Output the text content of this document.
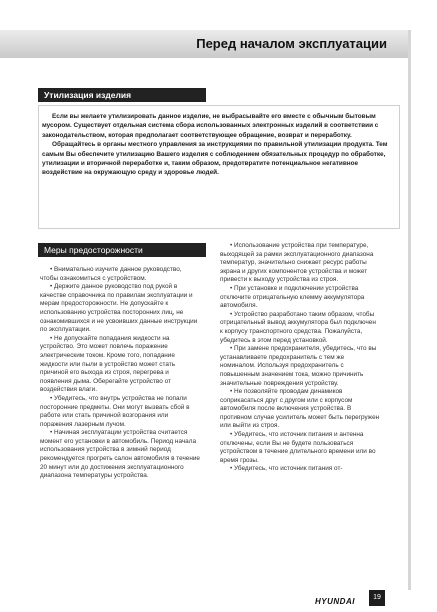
Перед началом эксплуатации
Утилизация изделия

Если вы желаете утилизировать данное изделие, не выбрасывайте его вместе с обычным бытовым мусором. Существует отдельная система сбора использованных электронных изделий в соответствии с законодательством, которая предполагает соответствующее обращение, возврат и переработку.

Обращайтесь в органы местного управления за инструкциями по правильной утилизации продукта. Тем самым Вы обеспечите утилизацию Вашего изделия с соблюдением обязательных процедур по обработке, утилизации и вторичной переработке и, таким образом, предотвратите потенциальное негативное воздействие на окружающую среду и здоровье людей.

Меры предосторожности

• Внимательно изучите данное руководство, чтобы ознакомиться с устройством.

• Держите данное руководство под рукой в качестве справочника по правилам эксплуатации и мерам предосторожности. Не допускайте к использованию устройства посторонних лиц, не ознакомившихся и не усвоивших данные инструкции по эксплуатации.

• Не допускайте попадания жидкости на устройство. Это может повлечь поражение электрическим током. Кроме того, попадание жидкости или пыли в устройство может стать причиной его выхода из строя, перегрева и появления дыма. Оберегайте устройство от воздействия влаги.

• Убедитесь, что внутрь устройства не попали посторонние предметы. Они могут вызвать сбой в работе или стать причиной возгорания или поражения лазерным лучом.

• Начиная эксплуатации устройства считается момент его установки в автомобиль. Период начала использования устройства в зимний период рекомендуется прогреть салон автомобиля в течение 20 минут или до достижения эксплуатационного диапазона температуры устройства.

• Использование устройства при температуре, выходящей за рамки эксплуатационного диапазона температур, значительно снижает ресурс работы экрана и других компонентов устройства и может привести к выходу устройства из строя.

• При установке и подключении устройства отключите отрицательную клемму аккумулятора автомобиля.

• Устройство разработано таким образом, чтобы отрицательный вывод аккумулятора был подключен к корпусу транспортного средства. Пожалуйста, убедитесь в этом перед установкой.

• При замене предохранителя, убедитесь, что вы устанавливаете предохранитель с тем же номиналом. Используя предохранитель с повышенным значением тока, можно причинить значительные повреждения устройству.

• Не позволяйте проводам динамиков соприкасаться друг с другом или с корпусом автомобиля после включения устройства. В противном случае усилитель может быть перегружен или выйти из строя.

• Убедитесь, что источник питания и антенна отключены, если Вы не будете пользоваться устройством в течение длительного времени или во время грозы.

• Убедитесь, что источник питания от-

HYUNDAI	19
